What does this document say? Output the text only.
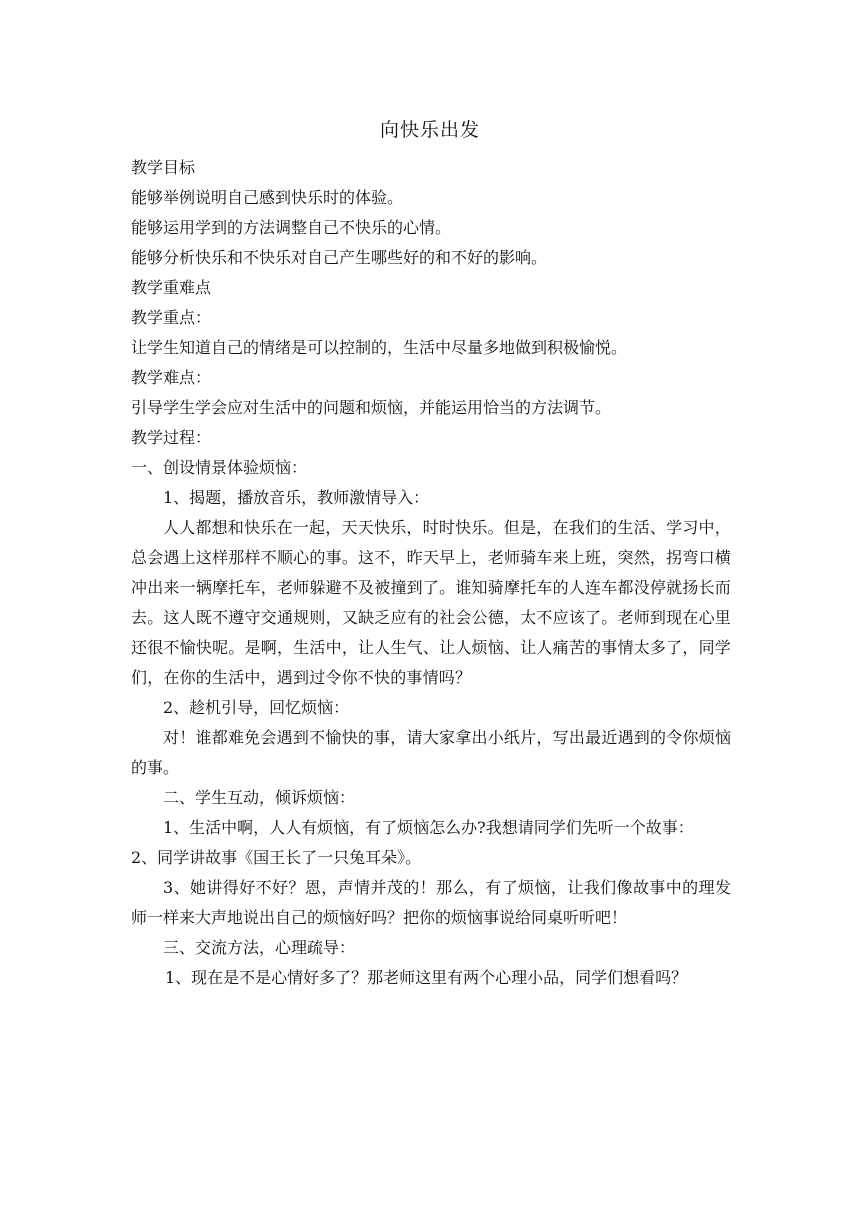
向快乐出发
教学目标
能够举例说明自己感到快乐时的体验。
能够运用学到的方法调整自己不快乐的心情。
能够分析快乐和不快乐对自己产生哪些好的和不好的影响。
教学重难点
教学重点：
让学生知道自己的情绪是可以控制的，生活中尽量多地做到积极愉悦。
教学难点：
引导学生学会应对生活中的问题和烦恼，并能运用恰当的方法调节。
教学过程：
一、创设情景体验烦恼：
1、揭题，播放音乐，教师激情导入：

人人都想和快乐在一起，天天快乐，时时快乐。但是，在我们的生活、学习中，总会遇上这样那样不顺心的事。这不，昨天早上，老师骑车来上班，突然，拐弯口横冲出来一辆摩托车，老师躲避不及被撞到了。谁知骑摩托车的人连车都没停就扬长而去。这人既不遵守交通规则，又缺乏应有的社会公德，太不应该了。老师到现在心里还很不愉快呢。是啊，生活中，让人生气、让人烦恼、让人痛苦的事情太多了，同学们，在你的生活中，遇到过令你不快的事情吗？

2、趁机引导，回忆烦恼：

对！谁都难免会遇到不愉快的事，请大家拿出小纸片，写出最近遇到的令你烦恼的事。

二、学生互动，倾诉烦恼：
1、生活中啊，人人有烦恼，有了烦恼怎么办?我想请同学们先听一个故事：
2、同学讲故事《国王长了一只兔耳朵》。

3、她讲得好不好？恩，声情并茂的！那么，有了烦恼，让我们像故事中的理发师一样来大声地说出自己的烦恼好吗？把你的烦恼事说给同桌听听吧！

三、交流方法，心理疏导：
1、现在是不是心情好多了？那老师这里有两个心理小品，同学们想看吗？
